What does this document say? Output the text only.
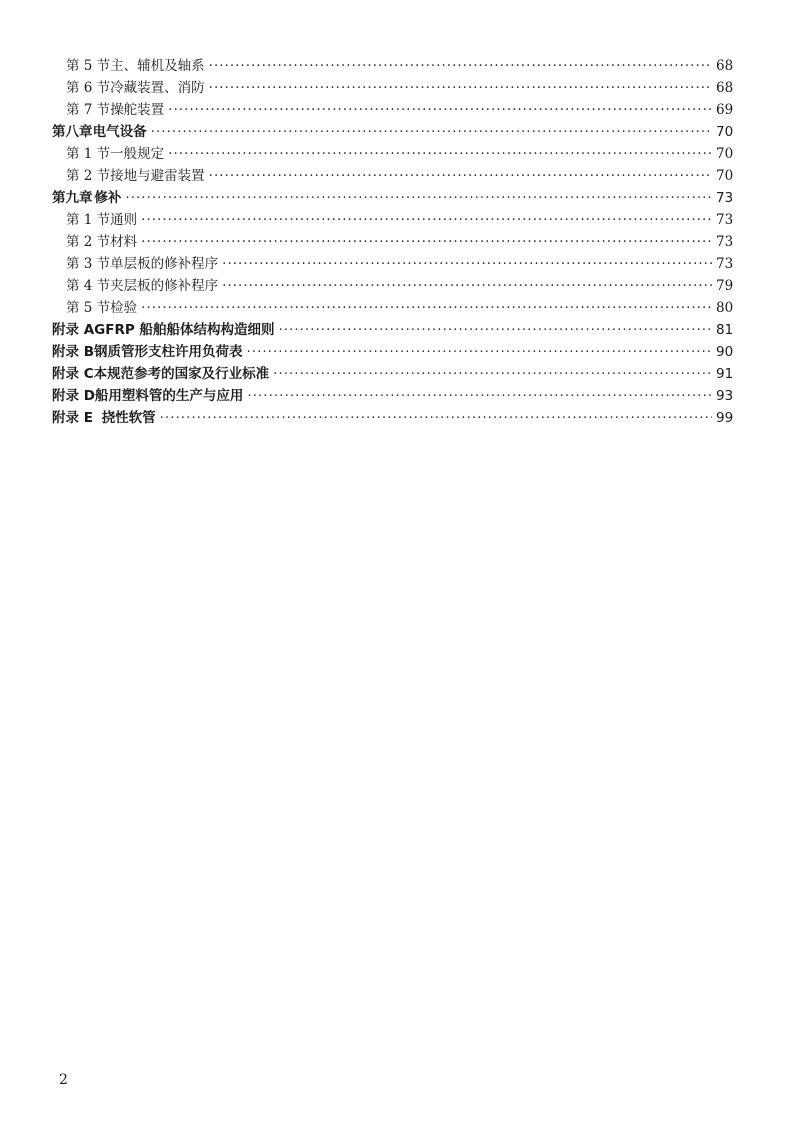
第 5 节 主、辅机及轴系 ·····	68
第 6 节 冷藏装置、消防 ·····	68
第 7 节 操舵装置 ·····	69
第八章 电气设备 ·····	70
第 1 节 一般规定 ·····	70
第 2 节 接地与避雷装置 ·····	70
第九章 修补 ·····	73
第 1 节 通则 ·····	73
第 2 节 材料 ·····	73
第 3 节 单层板的修补程序 ·····	73
第 4 节 夹层板的修补程序 ·····	79
第 5 节 检验 ·····	80
附录 A GFRP 船舶船体结构构造细则 ·····	81
附录 B 钢质管形支柱许用负荷表 ·····	90
附录 C 本规范参考的国家及行业标准 ·····	91
附录 D 船用塑料管的生产与应用 ·····	93
附录 E 挠性软管 ·····	99
2
